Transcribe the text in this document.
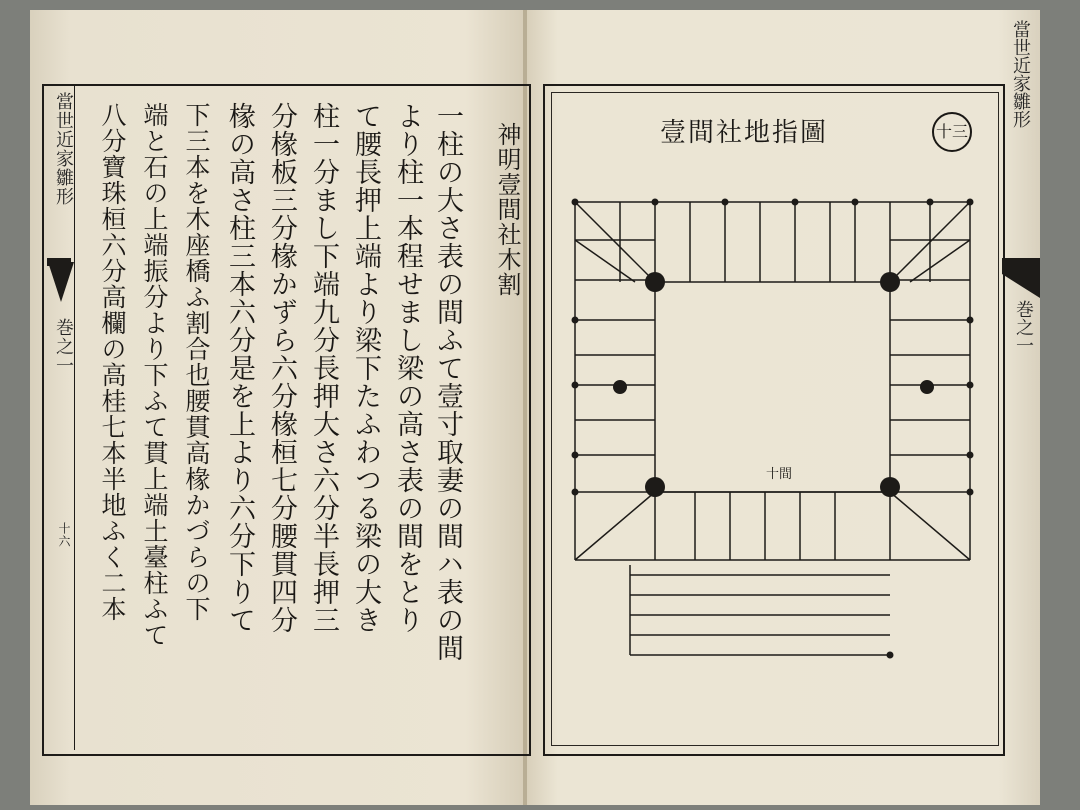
當世近家雛形
巻之一
十六
神明壹間社木割
一柱の大さ表の間ふて壹寸取妻の間ハ表の間
より柱一本程せまし梁の高さ表の間をとり
て腰長押上端より梁下たふわつる梁の大き
柱一分まし下端九分長押大さ六分半長押三
分椽板三分椽かずら六分椽桓七分腰貫四分
椽の高さ柱三本六分是を上より六分下りて
下三本を木座橋ふ割合也腰貫高椽かづらの下
端と石の上端振分より下ふて貫上端土臺柱ふて
八分寶珠桓六分高欄の高桂七本半地ふく二本	十三
壹間社地指圖
當世近家雛形
巻之一
十間
